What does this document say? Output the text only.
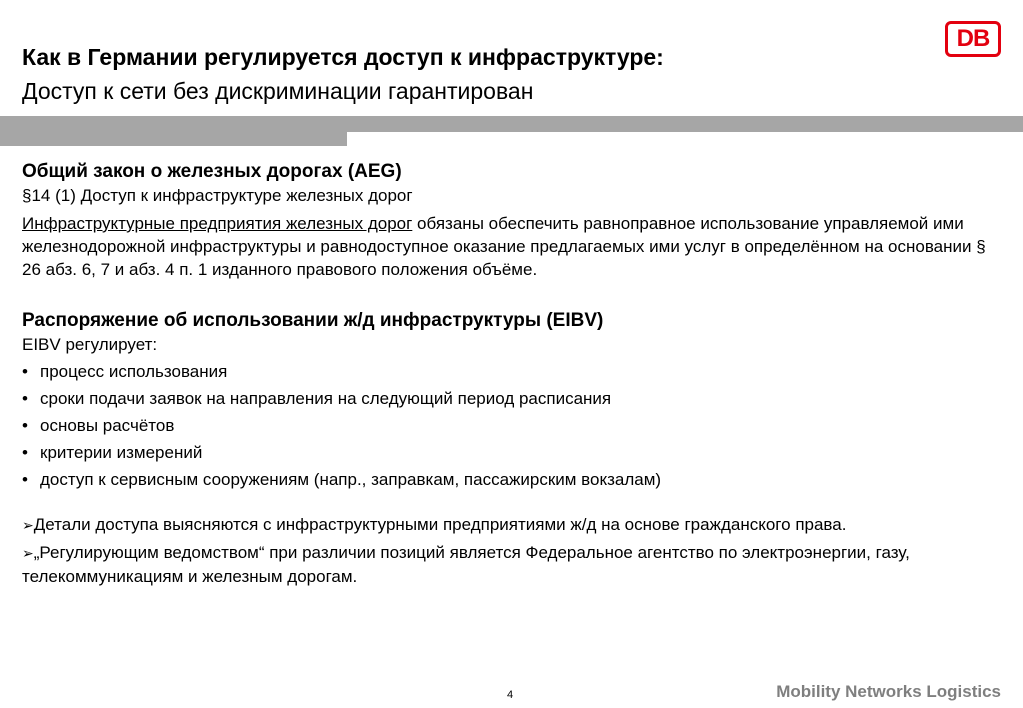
Как в Германии регулируется доступ к инфраструктуре:
Доступ к сети без дискриминации гарантирован
DB
Общий закон о железных дорогах (AEG)

§14 (1) Доступ к инфраструктуре железных дорог

Инфраструктурные предприятия железных дорог обязаны обеспечить равноправное использование управляемой ими железнодорожной инфраструктуры и равнодоступное оказание предлагаемых ими услуг в определённом на основании § 26 абз. 6, 7 и абз. 4 п. 1 изданного правового положения объёме.

Распоряжение об использовании ж/д инфраструктуры (EIBV)

EIBV регулирует:

• процесс использования
• сроки подачи заявок на направления на следующий период расписания
• основы расчётов
• критерии измерений
• доступ к сервисным сооружениям (напр., заправкам, пассажирским вокзалам)

➢Детали доступа выясняются с инфраструктурными предприятиями ж/д на основе гражданского права.

➢„Регулирующим ведомством“ при различии позиций является Федеральное агентство по электроэнергии, газу, телекоммуникациям и железным дорогам.

4	Mobility Networks Logistics
